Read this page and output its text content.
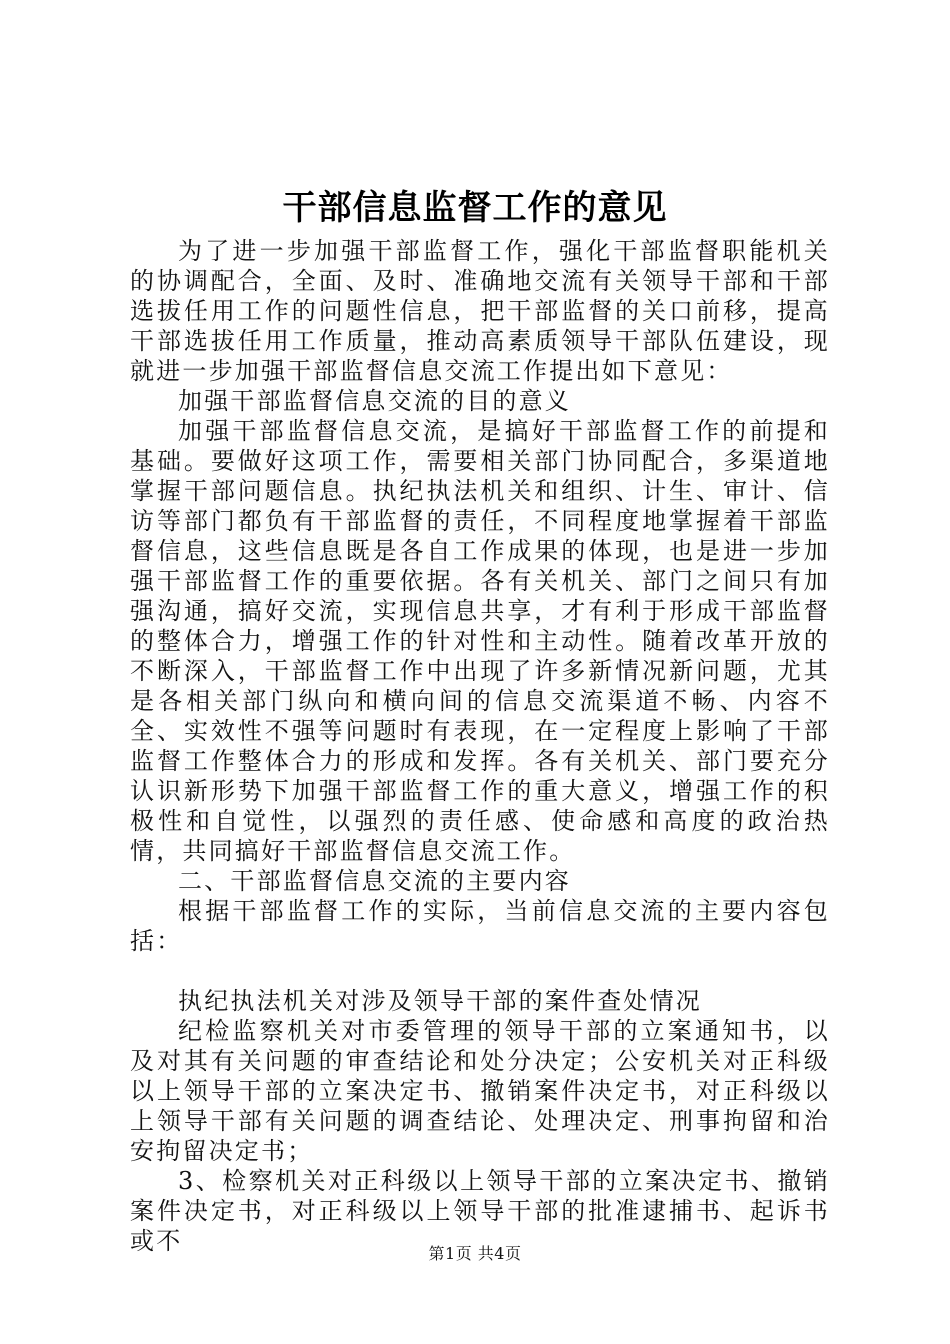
干部信息监督工作的意见

为了进一步加强干部监督工作，强化干部监督职能机关的协调配合，全面、及时、准确地交流有关领导干部和干部选拔任用工作的问题性信息，把干部监督的关口前移，提高干部选拔任用工作质量，推动高素质领导干部队伍建设，现就进一步加强干部监督信息交流工作提出如下意见：

加强干部监督信息交流的目的意义

加强干部监督信息交流，是搞好干部监督工作的前提和基础。要做好这项工作，需要相关部门协同配合，多渠道地掌握干部问题信息。执纪执法机关和组织、计生、审计、信访等部门都负有干部监督的责任，不同程度地掌握着干部监督信息，这些信息既是各自工作成果的体现，也是进一步加强干部监督工作的重要依据。各有关机关、部门之间只有加强沟通，搞好交流，实现信息共享，才有利于形成干部监督的整体合力，增强工作的针对性和主动性。随着改革开放的不断深入，干部监督工作中出现了许多新情况新问题，尤其是各相关部门纵向和横向间的信息交流渠道不畅、内容不全、实效性不强等问题时有表现，在一定程度上影响了干部监督工作整体合力的形成和发挥。各有关机关、部门要充分认识新形势下加强干部监督工作的重大意义，增强工作的积极性和自觉性，以强烈的责任感、使命感和高度的政治热情，共同搞好干部监督信息交流工作。

二、干部监督信息交流的主要内容

根据干部监督工作的实际，当前信息交流的主要内容包括：

执纪执法机关对涉及领导干部的案件查处情况

纪检监察机关对市委管理的领导干部的立案通知书，以及对其有关问题的审查结论和处分决定；公安机关对正科级以上领导干部的立案决定书、撤销案件决定书，对正科级以上领导干部有关问题的调查结论、处理决定、刑事拘留和治安拘留决定书；

3、检察机关对正科级以上领导干部的立案决定书、撤销案件决定书，对正科级以上领导干部的批准逮捕书、起诉书或不	第1页 共4页
